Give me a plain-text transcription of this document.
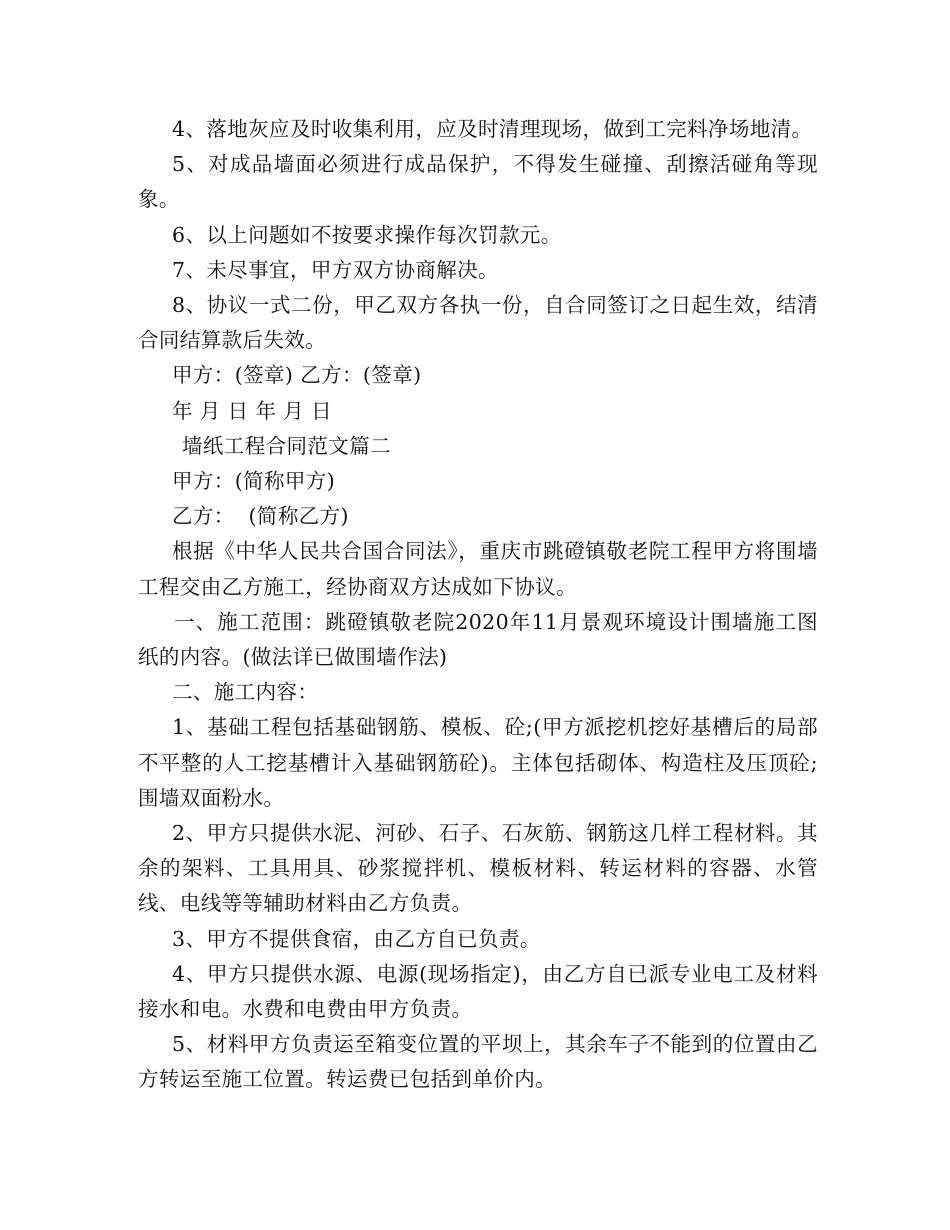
4、落地灰应及时收集利用，应及时清理现场，做到工完料净场地清。

5、对成品墙面必须进行成品保护，不得发生碰撞、刮擦活碰角等现象。

6、以上问题如不按要求操作每次罚款元。

7、未尽事宜，甲方双方协商解决。

8、协议一式二份，甲乙双方各执一份，自合同签订之日起生效，结清合同结算款后失效。

甲方：(签章) 乙方：(签章)

年 月 日 年 月 日

墙纸工程合同范文篇二

甲方：(简称甲方)

乙方：  (简称乙方)

根据《中华人民共合国合同法》，重庆市跳磴镇敬老院工程甲方将围墙工程交由乙方施工，经协商双方达成如下协议。

一、施工范围：跳磴镇敬老院2020年11月景观环境设计围墙施工图纸的内容。(做法详已做围墙作法)

二、施工内容：

1、基础工程包括基础钢筋、模板、砼;(甲方派挖机挖好基槽后的局部不平整的人工挖基槽计入基础钢筋砼)。主体包括砌体、构造柱及压顶砼;围墙双面粉水。

2、甲方只提供水泥、河砂、石子、石灰筋、钢筋这几样工程材料。其余的架料、工具用具、砂浆搅拌机、模板材料、转运材料的容器、水管线、电线等等辅助材料由乙方负责。

3、甲方不提供食宿，由乙方自已负责。

4、甲方只提供水源、电源(现场指定)，由乙方自已派专业电工及材料接水和电。水费和电费由甲方负责。

5、材料甲方负责运至箱变位置的平坝上，其余车子不能到的位置由乙方转运至施工位置。转运费已包括到单价内。
